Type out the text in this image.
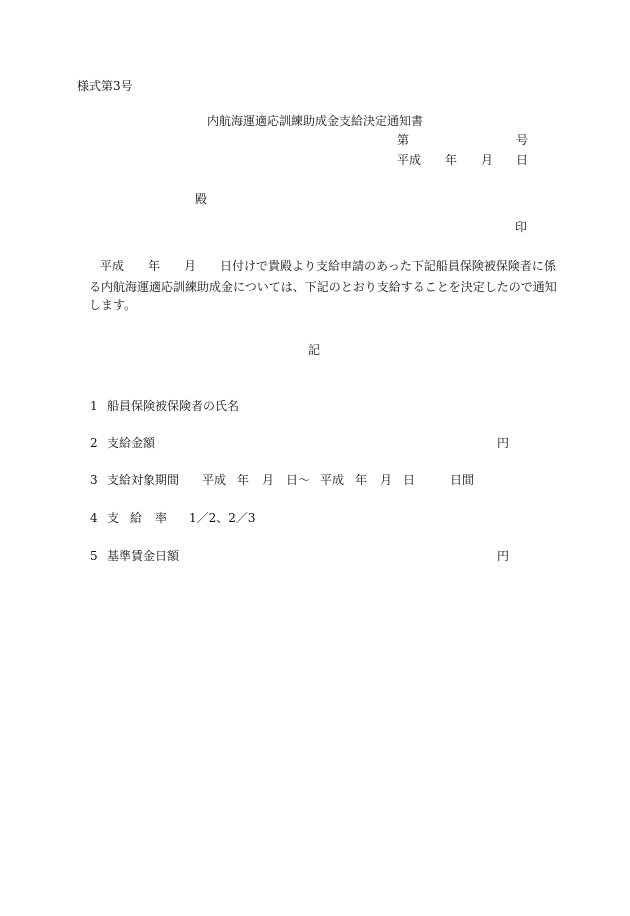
様式第3号
内航海運適応訓練助成金支給決定通知書
第	号
平成 年 月 日
殿
印
平成　　年　　月　　日付けで貴殿より支給申請のあった下記船員保険被保険者に係
る内航海運適応訓練助成金については、下記のとおり支給することを決定したので通知
します。
記
1 船員保険被保険者の氏名
2 支給金額	円
3 支給対象期間 平成 年 月 日～ 平成 年 月 日	日間
4 支 給 率 1／2、2／3
5 基準賃金日額	円
